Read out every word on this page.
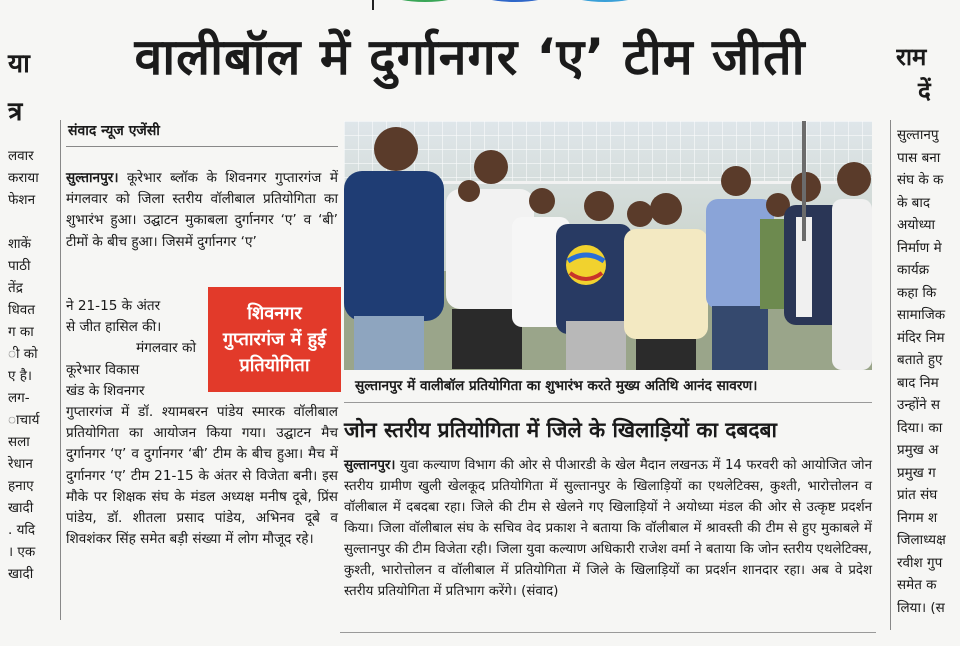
या
त्र
लवार
कराया
फेशन

शाकें
पाठी
तेंद्र
धिवत
ग का
ी को
ए है।
लग-
ाचार्य
सला
रेधान
हनाए
खादी
. यदि
। एक
खादी
वालीबॉल में दुर्गानगर ‘ए’ टीम जीती	राम
दें
सुल्तानपु
पास बना
संघ के क
के बाद
अयोध्या
निर्माण मे
कार्यक्र
कहा कि
सामाजिक
मंदिर निम
बताते हुए
बाद निम
उन्होंने स
दिया। का
प्रमुख अ
प्रमुख ग
प्रांत संघ
निगम श
जिलाध्यक्ष
रवीश गुप
समेत क
लिया। (स
संवाद न्यूज एजेंसी
सुल्तानपुर। कूरेभार ब्लॉक के शिवनगर गुप्तारगंज में मंगलवार को जिला स्तरीय वॉलीबाल प्रतियोगिता का शुभारंभ हुआ। उद्घाटन मुकाबला दुर्गानगर ‘ए’ व ‘बी’ टीमों के बीच हुआ। जिसमें दुर्गानगर ‘ए’
ने 21-15 के अंतर
से जीत हासिल की।
मंगलवार को
कूरेभार विकास
खंड के शिवनगर
शिवनगर
गुप्तारगंज में हुई
प्रतियोगिता
गुप्तारगंज में डॉ. श्यामबरन पांडेय स्मारक वॉलीबाल प्रतियोगिता का आयोजन किया गया। उद्घाटन मैच दुर्गानगर ‘ए’ व दुर्गानगर ‘बी’ टीम के बीच हुआ। मैच में दुर्गानगर ‘ए’ टीम 21-15 के अंतर से विजेता बनी। इस मौके पर शिक्षक संघ के मंडल अध्यक्ष मनीष दूबे, प्रिंस पांडेय, डॉ. शीतला प्रसाद पांडेय, अभिनव दूबे व शिवशंकर सिंह समेत बड़ी संख्या में लोग मौजूद रहे।
सुल्तानपुर में वालीबॉल प्रतियोगिता का शुभारंभ करते मुख्य अतिथि आनंद सावरण।
जोन स्तरीय प्रतियोगिता में जिले के खिलाड़ियों का दबदबा
सुल्तानपुर। युवा कल्याण विभाग की ओर से पीआरडी के खेल मैदान लखनऊ में 14 फरवरी को आयोजित जोन स्तरीय ग्रामीण खुली खेलकूद प्रतियोगिता में सुल्तानपुर के खिलाड़ियों का एथलेटिक्स, कुश्ती, भारोत्तोलन व वॉलीबाल में दबदबा रहा। जिले की टीम से खेलने गए खिलाड़ियों ने अयोध्या मंडल की ओर से उत्कृष्ट प्रदर्शन किया। जिला वॉलीबाल संघ के सचिव वेद प्रकाश ने बताया कि वॉलीबाल में श्रावस्ती की टीम से हुए मुकाबले में सुल्तानपुर की टीम विजेता रही। जिला युवा कल्याण अधिकारी राजेश वर्मा ने बताया कि जोन स्तरीय एथलेटिक्स, कुश्ती, भारोत्तोलन व वॉलीबाल में प्रतियोगिता में जिले के खिलाड़ियों का प्रदर्शन शानदार रहा। अब वे प्रदेश स्तरीय प्रतियोगिता में प्रतिभाग करेंगे। (संवाद)
